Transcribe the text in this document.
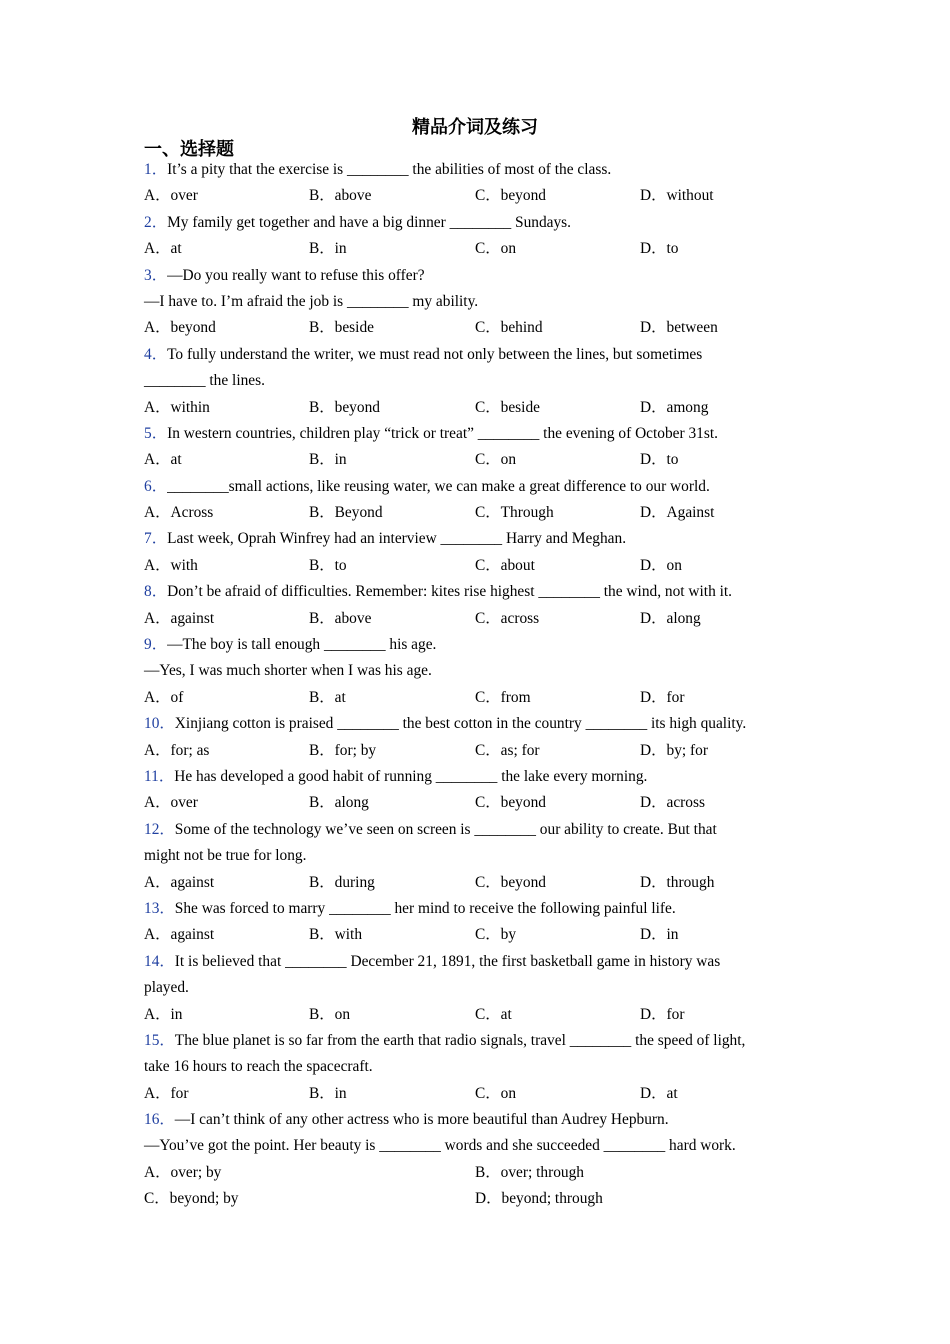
精品介词及练习
一、选择题
1．It’s a pity that the exercise is ________ the abilities of most of the class.
A．over	B．above	C．beyond	D．without
2．My family get together and have a big dinner ________ Sundays.
A．at	B．in	C．on	D．to
3．—Do you really want to refuse this offer?
—I have to. I’m afraid the job is ________ my ability.
A．beyond	B．beside	C．behind	D．between
4．To fully understand the writer, we must read not only between the lines, but sometimes
________ the lines.
A．within	B．beyond	C．beside	D．among
5．In western countries, children play “trick or treat” ________ the evening of October 31st.
A．at	B．in	C．on	D．to
6．________small actions, like reusing water, we can make a great difference to our world.
A．Across	B．Beyond	C．Through	D．Against
7．Last week, Oprah Winfrey had an interview ________ Harry and Meghan.
A．with	B．to	C．about	D．on
8．Don’t be afraid of difficulties. Remember: kites rise highest ________ the wind, not with it.
A．against	B．above	C．across	D．along
9．—The boy is tall enough ________ his age.
—Yes, I was much shorter when I was his age.
A．of	B．at	C．from	D．for
10．Xinjiang cotton is praised ________ the best cotton in the country ________ its high quality.
A．for; as	B．for; by	C．as; for	D．by; for
11．He has developed a good habit of running ________ the lake every morning.
A．over	B．along	C．beyond	D．across
12．Some of the technology we’ve seen on screen is ________ our ability to create. But that
might not be true for long.
A．against	B．during	C．beyond	D．through
13．She was forced to marry ________ her mind to receive the following painful life.
A．against	B．with	C．by	D．in
14．It is believed that ________ December 21, 1891, the first basketball game in history was
played.
A．in	B．on	C．at	D．for
15．The blue planet is so far from the earth that radio signals, travel ________ the speed of light,
take 16 hours to reach the spacecraft.
A．for	B．in	C．on	D．at
16．—I can’t think of any other actress who is more beautiful than Audrey Hepburn.
—You’ve got the point. Her beauty is ________ words and she succeeded ________ hard work.
A．over; by	B．over; through
C．beyond; by	D．beyond; through
